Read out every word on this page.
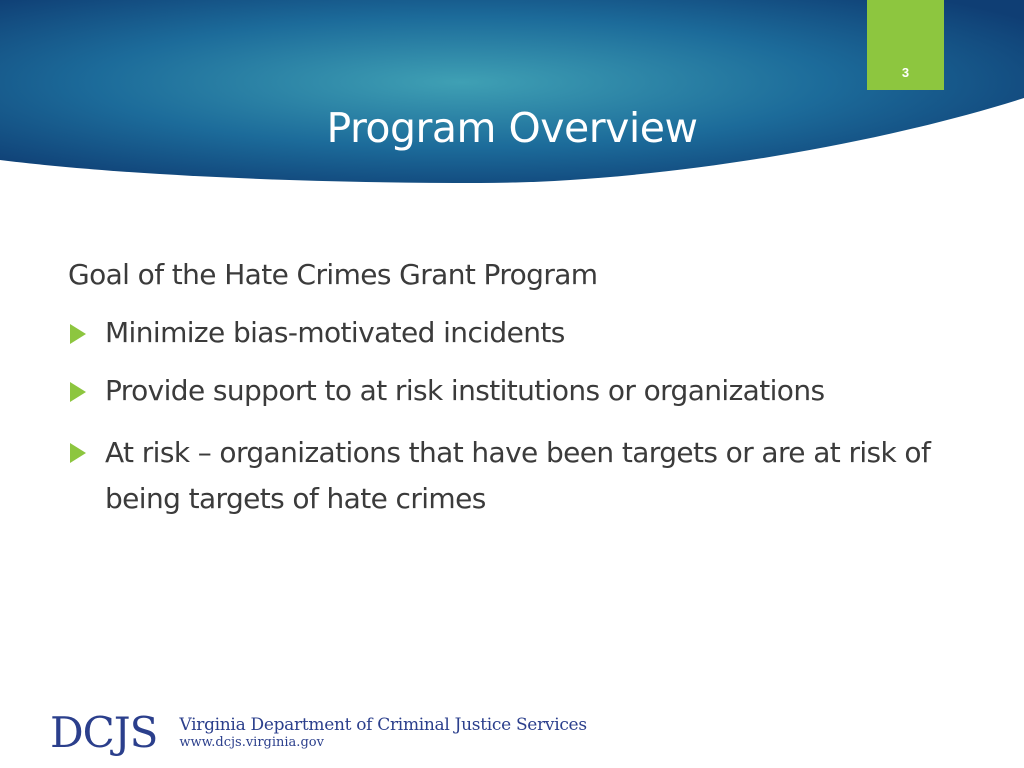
3
Program Overview
Goal of the Hate Crimes Grant Program
Minimize bias-motivated incidents
Provide support to at risk institutions or organizations
At risk – organizations that have been targets or are at risk of being targets of hate crimes
DCJS	Virginia Department of Criminal Justice Services
www.dcjs.virginia.gov
